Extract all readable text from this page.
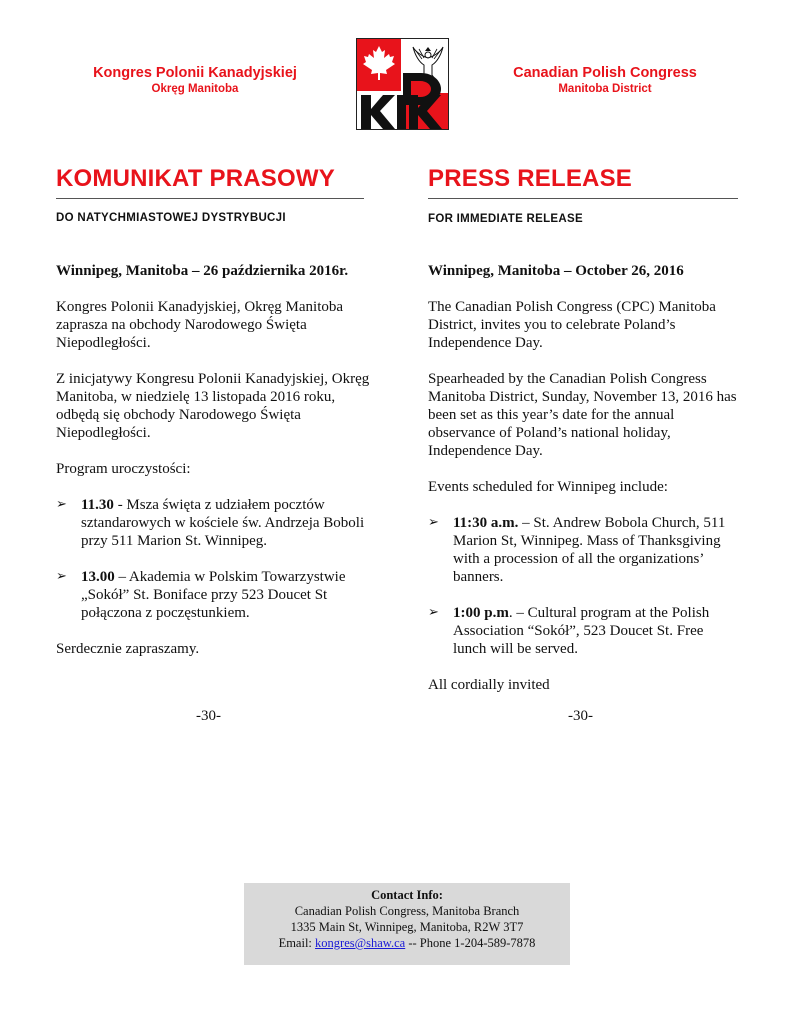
Kongres Polonii Kanadyjskiej
Okręg Manitoba
Canadian Polish Congress
Manitoba District
KOMUNIKAT PRASOWY
DO NATYCHMIASTOWEJ DYSTRYBUCJI

Winnipeg, Manitoba – 26 października 2016r.

Kongres Polonii Kanadyjskiej, Okręg Manitoba zaprasza na obchody Narodowego Święta Niepodległości.

Z inicjatywy Kongresu Polonii Kanadyjskiej, Okręg Manitoba, w niedzielę 13 listopada 2016 roku, odbędą się obchody Narodowego Święta Niepodległości.

Program uroczystości:

➢ 11.30 - Msza święta z udziałem pocztów sztandarowych w kościele św. Andrzeja Boboli przy 511 Marion St. Winnipeg.
➢ 13.00 – Akademia w Polskim Towarzystwie „Sokół” St. Boniface przy 523 Doucet St połączona z poczęstunkiem.

Serdecznie zapraszamy.

-30-
PRESS RELEASE
FOR IMMEDIATE RELEASE

Winnipeg, Manitoba – October 26, 2016

The Canadian Polish Congress (CPC) Manitoba District, invites you to celebrate Poland’s Independence Day.

Spearheaded by the Canadian Polish Congress Manitoba District, Sunday, November 13, 2016 has been set as this year’s date for the annual observance of Poland’s national holiday, Independence Day.

Events scheduled for Winnipeg include:

➢ 11:30 a.m. – St. Andrew Bobola Church, 511 Marion St, Winnipeg. Mass of Thanksgiving with a procession of all the organizations’ banners.
➢ 1:00 p.m. – Cultural program at the Polish Association “Sokół”, 523 Doucet St. Free lunch will be served.

All cordially invited

-30-
Contact Info:
Canadian Polish Congress, Manitoba Branch
1335 Main St, Winnipeg, Manitoba, R2W 3T7
Email: kongres@shaw.ca -- Phone 1-204-589-7878
